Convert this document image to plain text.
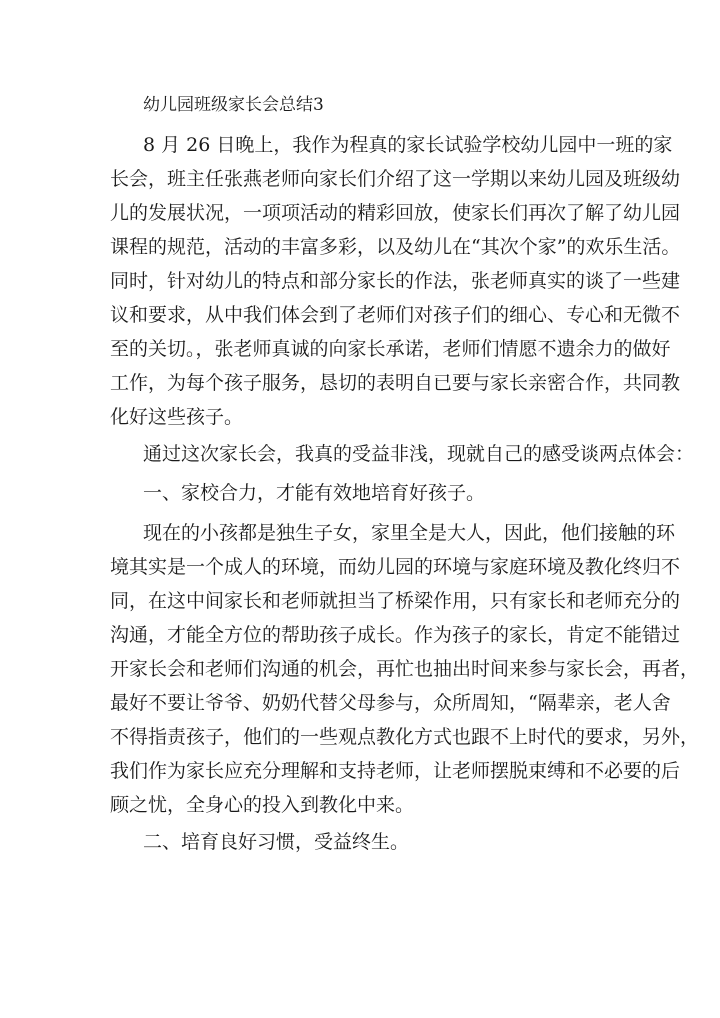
幼儿园班级家长会总结3
8 月 26 日晚上，我作为程真的家长试验学校幼儿园中一班的家
长会，班主任张燕老师向家长们介绍了这一学期以来幼儿园及班级幼
儿的发展状况，一项项活动的精彩回放，使家长们再次了解了幼儿园
课程的规范，活动的丰富多彩，以及幼儿在“其次个家”的欢乐生活。
同时，针对幼儿的特点和部分家长的作法，张老师真实的谈了一些建
议和要求，从中我们体会到了老师们对孩子们的细心、专心和无微不
至的关切。，张老师真诚的向家长承诺，老师们情愿不遗余力的做好
工作，为每个孩子服务，恳切的表明自已要与家长亲密合作，共同教
化好这些孩子。
通过这次家长会，我真的受益非浅，现就自己的感受谈两点体会：
一、家校合力，才能有效地培育好孩子。
现在的小孩都是独生子女，家里全是大人，因此，他们接触的环
境其实是一个成人的环境，而幼儿园的环境与家庭环境及教化终归不
同，在这中间家长和老师就担当了桥梁作用，只有家长和老师充分的
沟通，才能全方位的帮助孩子成长。作为孩子的家长，肯定不能错过
开家长会和老师们沟通的机会，再忙也抽出时间来参与家长会，再者，
最好不要让爷爷、奶奶代替父母参与，众所周知，“隔辈亲，老人舍
不得指责孩子，他们的一些观点教化方式也跟不上时代的要求，另外，
我们作为家长应充分理解和支持老师，让老师摆脱束缚和不必要的后
顾之忧，全身心的投入到教化中来。
二、培育良好习惯，受益终生。
